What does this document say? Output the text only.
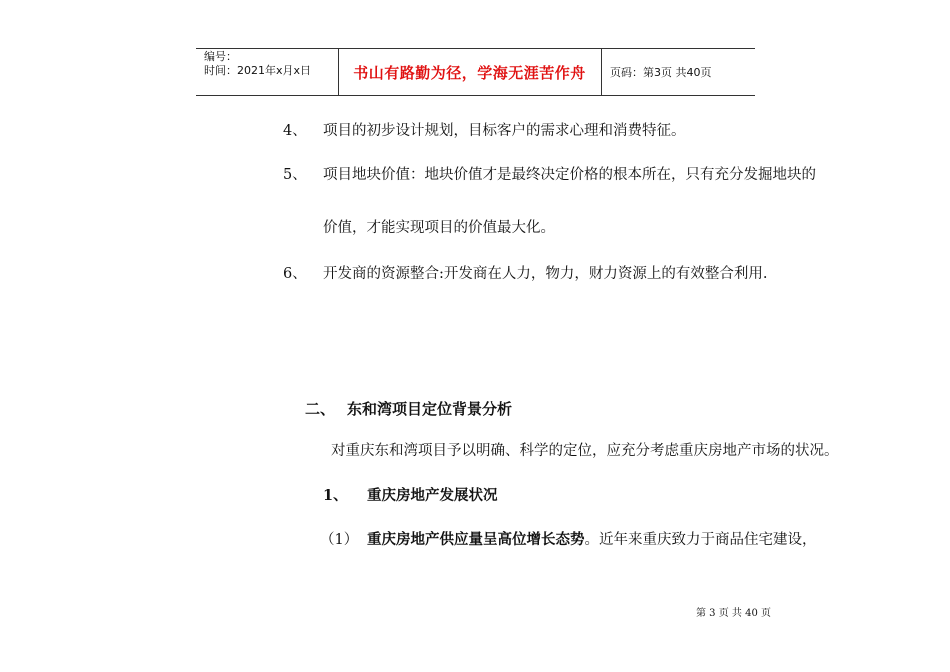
编号：
时间：2021年x月x日	书山有路勤为径，学海无涯苦作舟 页码：第3页 共40页
4、 项目的初步设计规划，目标客户的需求心理和消费特征。
5、 项目地块价值：地块价值才是最终决定价格的根本所在，只有充分发掘地块的
价值，才能实现项目的价值最大化。
6、 开发商的资源整合:开发商在人力，物力，财力资源上的有效整合利用.
二、 东和湾项目定位背景分析
对重庆东和湾项目予以明确、科学的定位，应充分考虑重庆房地产市场的状况。
1、 重庆房地产发展状况
（1） 重庆房地产供应量呈高位增长态势。近年来重庆致力于商品住宅建设，
第 3 页 共 40 页
